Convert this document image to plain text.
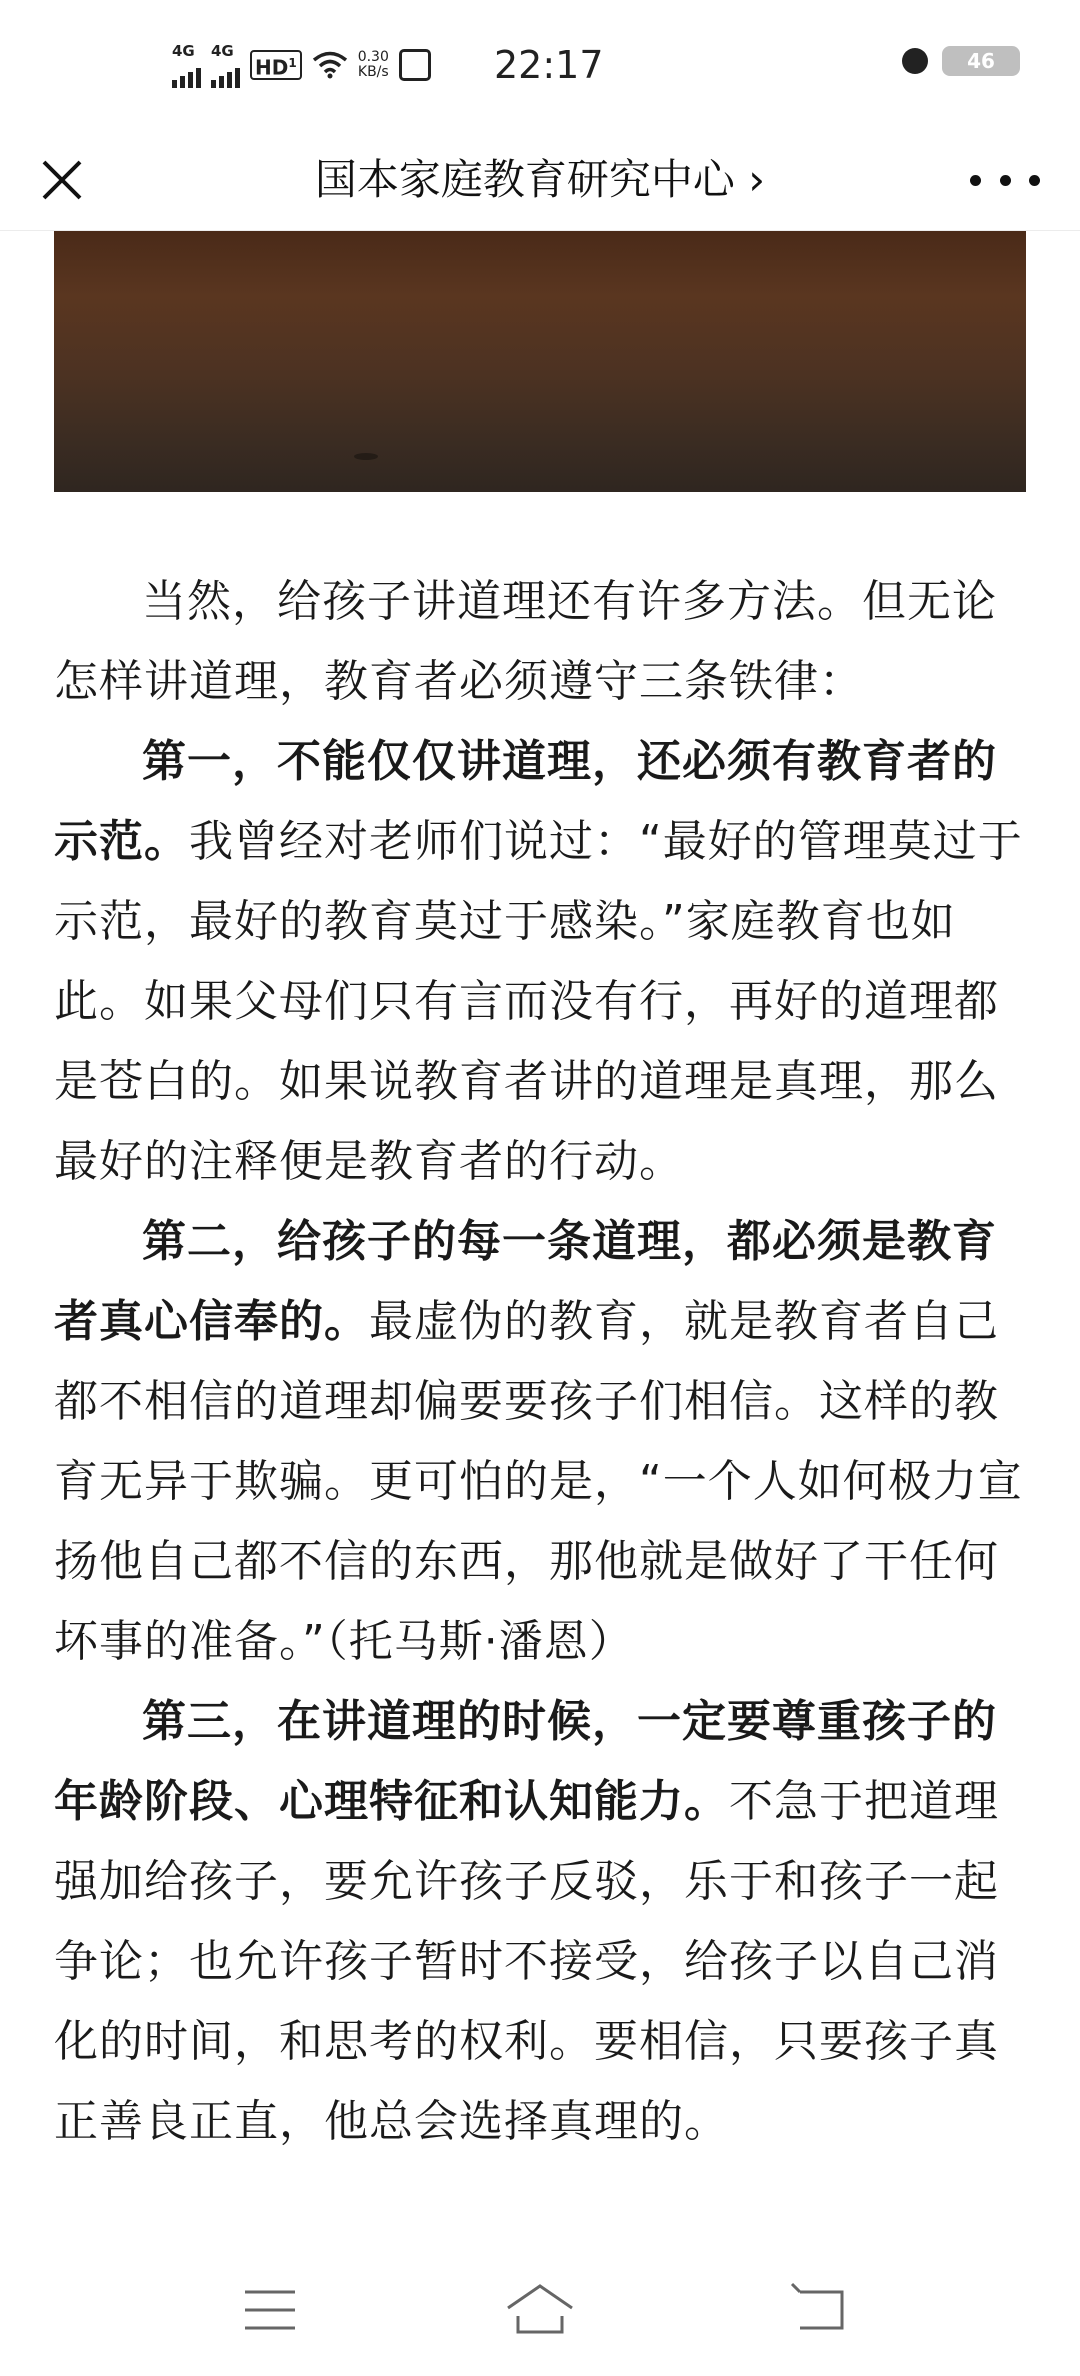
4G 4G
$HD^1$	0.30
KB/s	22:17	46
国本家庭教育研究中心 ›

当然，给孩子讲道理还有许多方法。但无论怎样讲道理，教育者必须遵守三条铁律：

第一，不能仅仅讲道理，还必须有教育者的示范。我曾经对老师们说过：“最好的管理莫过于示范，最好的教育莫过于感染。”家庭教育也如此。如果父母们只有言而没有行，再好的道理都是苍白的。如果说教育者讲的道理是真理，那么最好的注释便是教育者的行动。

第二，给孩子的每一条道理，都必须是教育者真心信奉的。最虚伪的教育，就是教育者自己都不相信的道理却偏要要孩子们相信。这样的教育无异于欺骗。更可怕的是，“一个人如何极力宣扬他自己都不信的东西，那他就是做好了干任何坏事的准备。”（托马斯·潘恩）

第三，在讲道理的时候，一定要尊重孩子的年龄阶段、心理特征和认知能力。不急于把道理强加给孩子，要允许孩子反驳，乐于和孩子一起争论；也允许孩子暂时不接受，给孩子以自己消化的时间，和思考的权利。要相信，只要孩子真正善良正直，他总会选择真理的。
